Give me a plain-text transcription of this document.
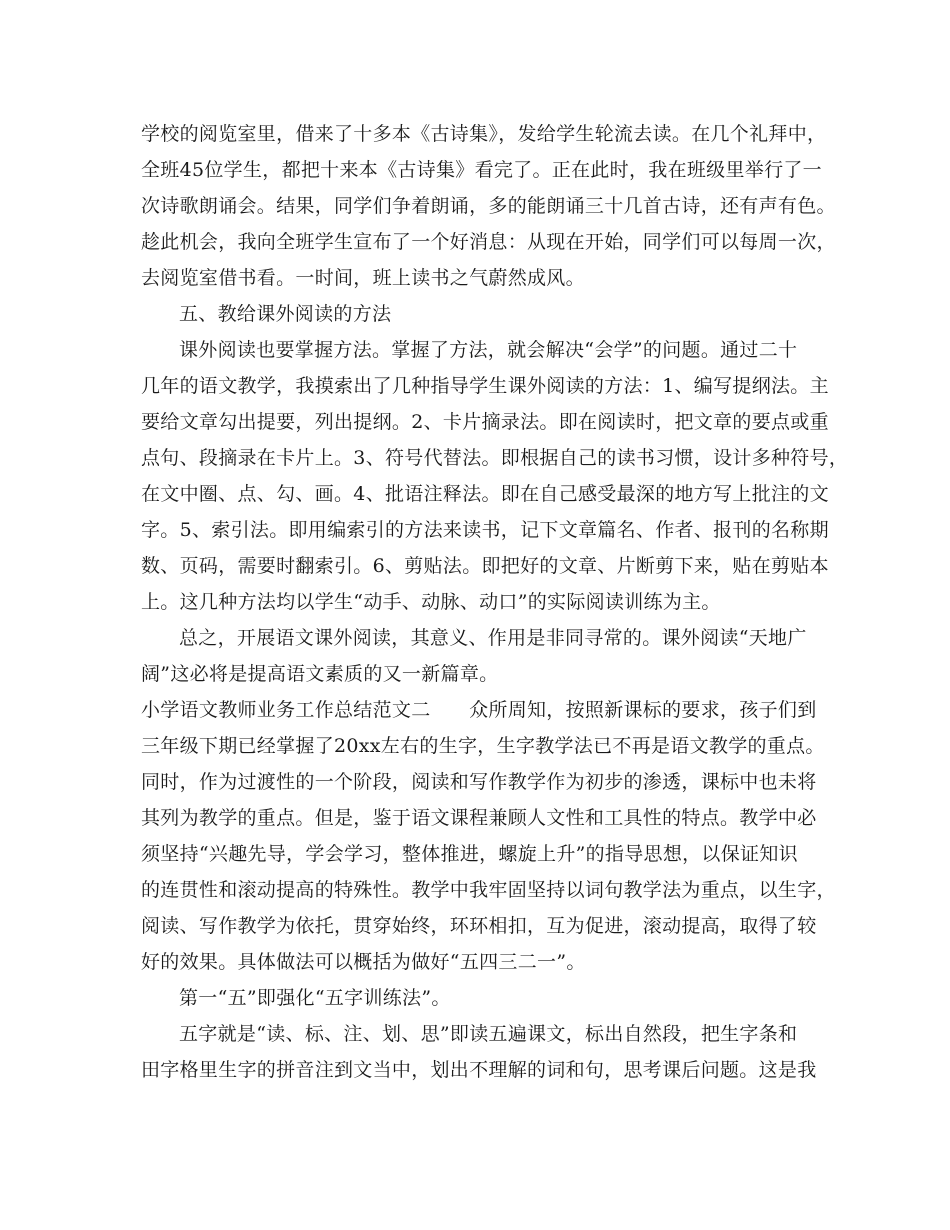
学校的阅览室里，借来了十多本《古诗集》，发给学生轮流去读。在几个礼拜中，
全班45位学生，都把十来本《古诗集》看完了。正在此时，我在班级里举行了一
次诗歌朗诵会。结果，同学们争着朗诵，多的能朗诵三十几首古诗，还有声有色。
趁此机会，我向全班学生宣布了一个好消息：从现在开始，同学们可以每周一次，
去阅览室借书看。一时间，班上读书之气蔚然成风。
五、教给课外阅读的方法
课外阅读也要掌握方法。掌握了方法，就会解决“会学”的问题。通过二十
几年的语文教学，我摸索出了几种指导学生课外阅读的方法：1、编写提纲法。主
要给文章勾出提要，列出提纲。2、卡片摘录法。即在阅读时，把文章的要点或重
点句、段摘录在卡片上。3、符号代替法。即根据自己的读书习惯，设计多种符号，
在文中圈、点、勾、画。4、批语注释法。即在自己感受最深的地方写上批注的文
字。5、索引法。即用编索引的方法来读书，记下文章篇名、作者、报刊的名称期
数、页码，需要时翻索引。6、剪贴法。即把好的文章、片断剪下来，贴在剪贴本
上。这几种方法均以学生“动手、动脉、动口”的实际阅读训练为主。
总之，开展语文课外阅读，其意义、作用是非同寻常的。课外阅读“天地广
阔”这必将是提高语文素质的又一新篇章。
小学语文教师业务工作总结范文二　　众所周知，按照新课标的要求，孩子们到
三年级下期已经掌握了20xx左右的生字，生字教学法已不再是语文教学的重点。
同时，作为过渡性的一个阶段，阅读和写作教学作为初步的渗透，课标中也未将
其列为教学的重点。但是，鉴于语文课程兼顾人文性和工具性的特点。教学中必
须坚持“兴趣先导，学会学习，整体推进，螺旋上升”的指导思想，以保证知识
的连贯性和滚动提高的特殊性。教学中我牢固坚持以词句教学法为重点，以生字，
阅读、写作教学为依托，贯穿始终，环环相扣，互为促进，滚动提高，取得了较
好的效果。具体做法可以概括为做好“五四三二一”。
第一“五”即强化“五字训练法”。
五字就是“读、标、注、划、思”即读五遍课文，标出自然段，把生字条和
田字格里生字的拼音注到文当中，划出不理解的词和句，思考课后问题。这是我
